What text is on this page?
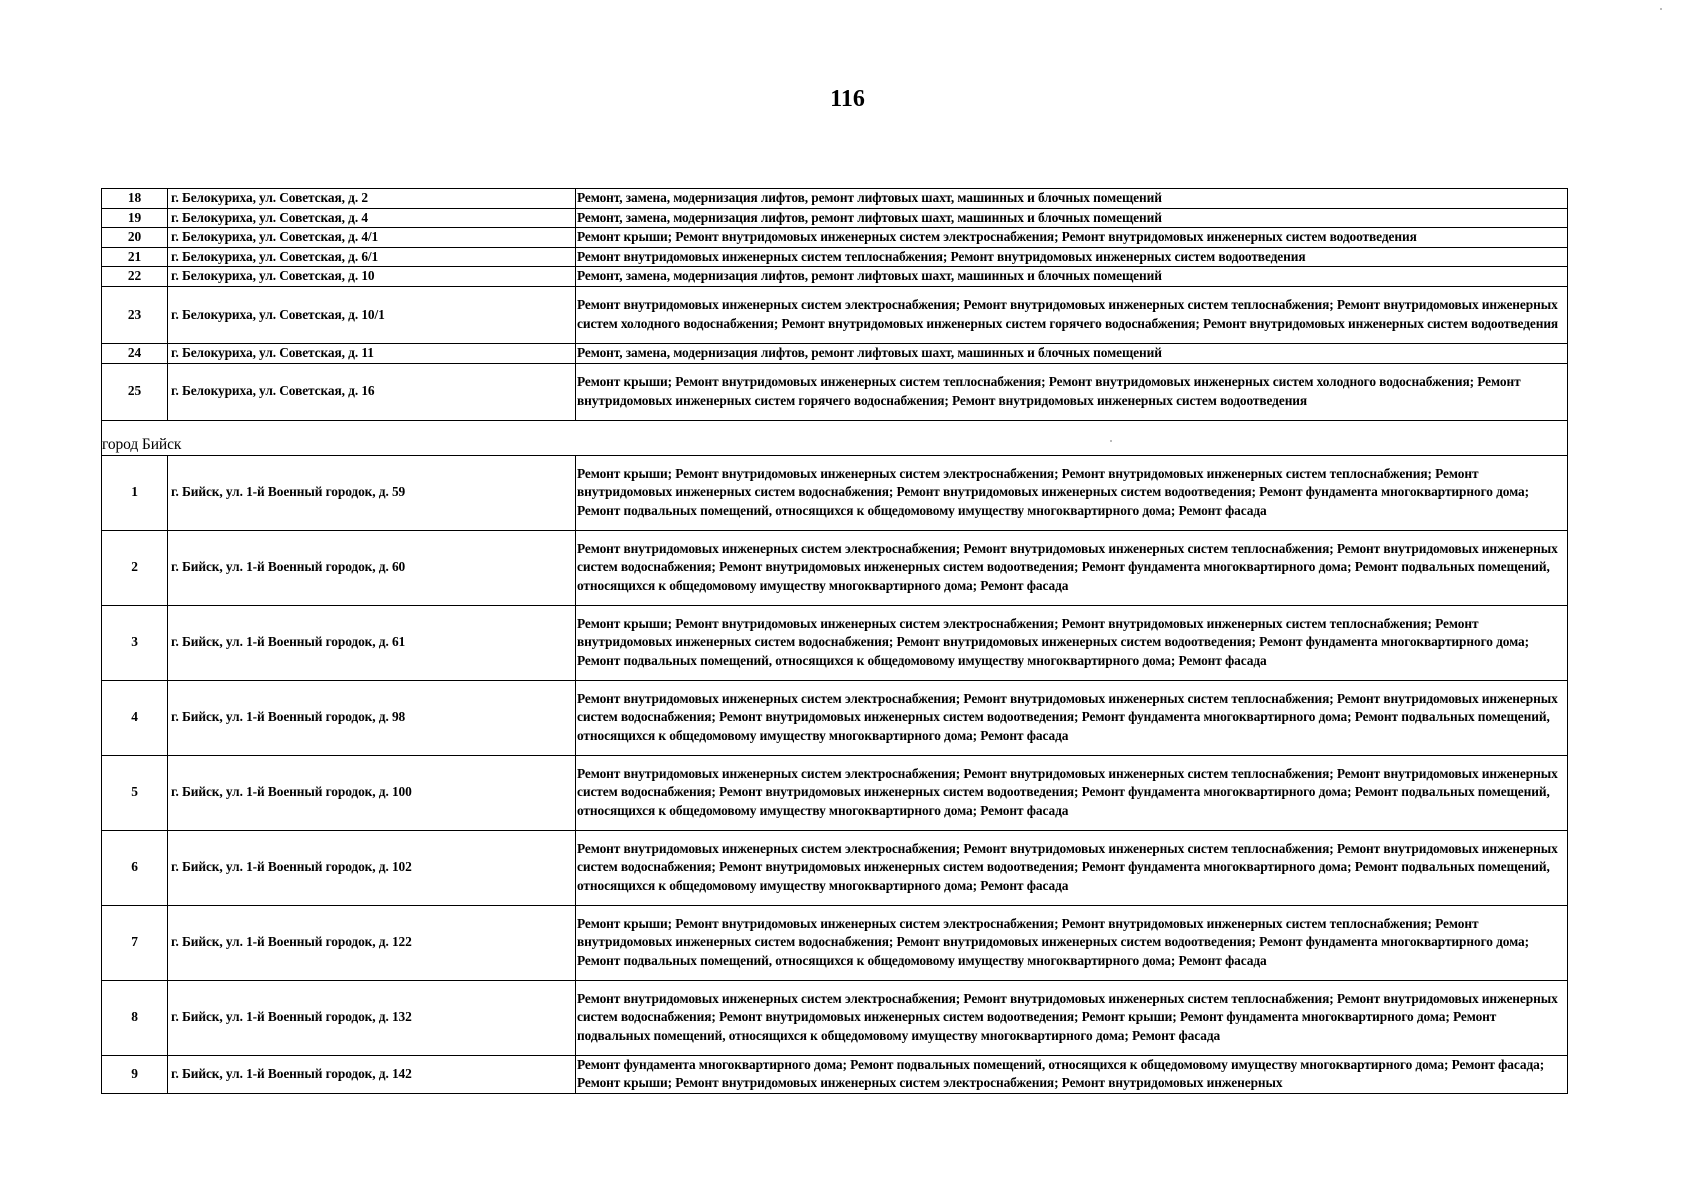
116
18	г. Белокуриха, ул. Советская, д. 2	Ремонт, замена, модернизация лифтов, ремонт лифтовых шахт, машинных и блочных помещений
19	г. Белокуриха, ул. Советская, д. 4	Ремонт, замена, модернизация лифтов, ремонт лифтовых шахт, машинных и блочных помещений
20	г. Белокуриха, ул. Советская, д. 4/1	Ремонт крыши; Ремонт внутридомовых инженерных систем электроснабжения; Ремонт внутридомовых инженерных систем водоотведения
21	г. Белокуриха, ул. Советская, д. 6/1	Ремонт внутридомовых инженерных систем теплоснабжения; Ремонт внутридомовых инженерных систем водоотведения
22	г. Белокуриха, ул. Советская, д. 10	Ремонт, замена, модернизация лифтов, ремонт лифтовых шахт, машинных и блочных помещений
23	г. Белокуриха, ул. Советская, д. 10/1	Ремонт внутридомовых инженерных систем электроснабжения; Ремонт внутридомовых инженерных систем теплоснабжения; Ремонт внутридомовых инженерных систем холодного водоснабжения; Ремонт внутридомовых инженерных систем горячего водоснабжения; Ремонт внутридомовых инженерных систем водоотведения
24	г. Белокуриха, ул. Советская, д. 11	Ремонт, замена, модернизация лифтов, ремонт лифтовых шахт, машинных и блочных помещений
25	г. Белокуриха, ул. Советская, д. 16	Ремонт крыши; Ремонт внутридомовых инженерных систем теплоснабжения; Ремонт внутридомовых инженерных систем холодного водоснабжения; Ремонт внутридомовых инженерных систем горячего водоснабжения; Ремонт внутридомовых инженерных систем водоотведения

город Бийск		
1	г. Бийск, ул. 1-й Военный городок, д. 59	Ремонт крыши; Ремонт внутридомовых инженерных систем электроснабжения; Ремонт внутридомовых инженерных систем теплоснабжения; Ремонт внутридомовых инженерных систем водоснабжения; Ремонт внутридомовых инженерных систем водоотведения; Ремонт фундамента многоквартирного дома; Ремонт подвальных помещений, относящихся к общедомовому имуществу многоквартирного дома; Ремонт фасада
2	г. Бийск, ул. 1-й Военный городок, д. 60	Ремонт внутридомовых инженерных систем электроснабжения; Ремонт внутридомовых инженерных систем теплоснабжения; Ремонт внутридомовых инженерных систем водоснабжения; Ремонт внутридомовых инженерных систем водоотведения; Ремонт фундамента многоквартирного дома; Ремонт подвальных помещений, относящихся к общедомовому имуществу многоквартирного дома; Ремонт фасада
3	г. Бийск, ул. 1-й Военный городок, д. 61	Ремонт крыши; Ремонт внутридомовых инженерных систем электроснабжения; Ремонт внутридомовых инженерных систем теплоснабжения; Ремонт внутридомовых инженерных систем водоснабжения; Ремонт внутридомовых инженерных систем водоотведения; Ремонт фундамента многоквартирного дома; Ремонт подвальных помещений, относящихся к общедомовому имуществу многоквартирного дома; Ремонт фасада
4	г. Бийск, ул. 1-й Военный городок, д. 98	Ремонт внутридомовых инженерных систем электроснабжения; Ремонт внутридомовых инженерных систем теплоснабжения; Ремонт внутридомовых инженерных систем водоснабжения; Ремонт внутридомовых инженерных систем водоотведения; Ремонт фундамента многоквартирного дома; Ремонт подвальных помещений, относящихся к общедомовому имуществу многоквартирного дома; Ремонт фасада
5	г. Бийск, ул. 1-й Военный городок, д. 100	Ремонт внутридомовых инженерных систем электроснабжения; Ремонт внутридомовых инженерных систем теплоснабжения; Ремонт внутридомовых инженерных систем водоснабжения; Ремонт внутридомовых инженерных систем водоотведения; Ремонт фундамента многоквартирного дома; Ремонт подвальных помещений, относящихся к общедомовому имуществу многоквартирного дома; Ремонт фасада
6	г. Бийск, ул. 1-й Военный городок, д. 102	Ремонт внутридомовых инженерных систем электроснабжения; Ремонт внутридомовых инженерных систем теплоснабжения; Ремонт внутридомовых инженерных систем водоснабжения; Ремонт внутридомовых инженерных систем водоотведения; Ремонт фундамента многоквартирного дома; Ремонт подвальных помещений, относящихся к общедомовому имуществу многоквартирного дома; Ремонт фасада
7	г. Бийск, ул. 1-й Военный городок, д. 122	Ремонт крыши; Ремонт внутридомовых инженерных систем электроснабжения; Ремонт внутридомовых инженерных систем теплоснабжения; Ремонт внутридомовых инженерных систем водоснабжения; Ремонт внутридомовых инженерных систем водоотведения; Ремонт фундамента многоквартирного дома; Ремонт подвальных помещений, относящихся к общедомовому имуществу многоквартирного дома; Ремонт фасада
8	г. Бийск, ул. 1-й Военный городок, д. 132	Ремонт внутридомовых инженерных систем электроснабжения; Ремонт внутридомовых инженерных систем теплоснабжения; Ремонт внутридомовых инженерных систем водоснабжения; Ремонт внутридомовых инженерных систем водоотведения; Ремонт крыши; Ремонт фундамента многоквартирного дома; Ремонт подвальных помещений, относящихся к общедомовому имуществу многоквартирного дома; Ремонт фасада
9	г. Бийск, ул. 1-й Военный городок, д. 142	Ремонт фундамента многоквартирного дома; Ремонт подвальных помещений, относящихся к общедомовому имуществу многоквартирного дома; Ремонт фасада; Ремонт крыши; Ремонт внутридомовых инженерных систем электроснабжения; Ремонт внутридомовых инженерных
